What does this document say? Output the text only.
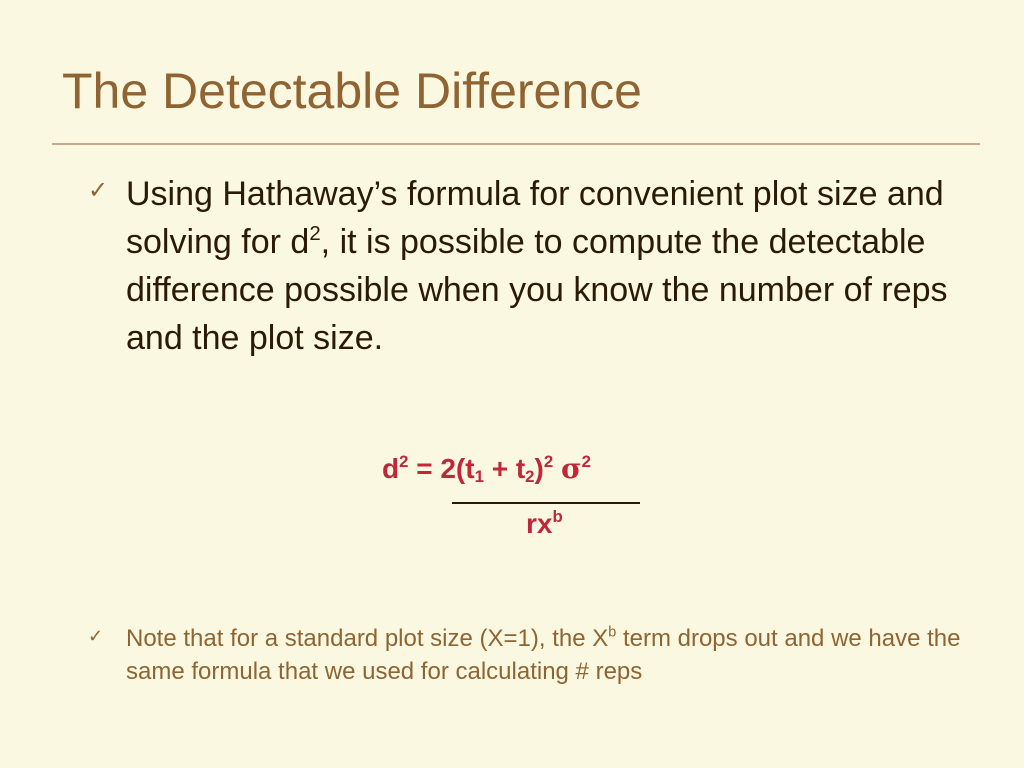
The Detectable Difference
✓ Using Hathaway’s formula for convenient plot size and solving for $d^2$, it is possible to compute the detectable difference possible when you know the number of reps and the plot size.
$d^2 = 2(t_1 + t_2)^2$ $\sigma^2$
$rx^b$
✓ Note that for a standard plot size (X=1), the $X^b$ term drops out and we have the same formula that we used for calculating # reps
